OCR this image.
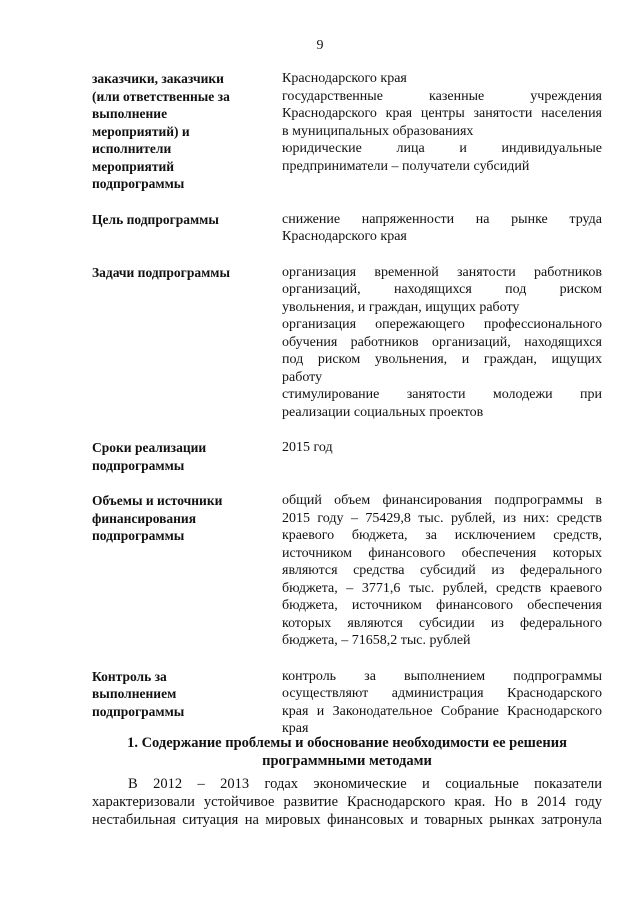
9
заказчики, заказчики
(или ответственные за
выполнение
мероприятий) и
исполнители
мероприятий
подпрограммы
Краснодарского края
государственные казенные учреждения
Краснодарского края центры занятости населения
в муниципальных образованиях
юридические лица и индивидуальные
предприниматели – получатели субсидий
Цель подпрограммы	снижение напряженности на рынке труда
Краснодарского края
Задачи подпрограммы	организация временной занятости работников
организаций, находящихся под риском
увольнения, и граждан, ищущих работу
организация опережающего профессионального
обучения работников организаций, находящихся
под риском увольнения, и граждан, ищущих
работу
стимулирование занятости молодежи при
реализации социальных проектов
Сроки реализации
подпрограммы
2015 год
Объемы и источники
финансирования
подпрограммы
общий объем финансирования подпрограммы в
2015 году – 75429,8 тыс. рублей, из них: средств
краевого бюджета, за исключением средств,
источником финансового обеспечения которых
являются средства субсидий из федерального
бюджета, – 3771,6 тыс. рублей, средств краевого
бюджета, источником финансового обеспечения
которых являются субсидии из федерального
бюджета, – 71658,2 тыс. рублей
Контроль за
выполнением
подпрограммы
контроль за выполнением подпрограммы
осуществляют администрация Краснодарского
края и Законодательное Собрание Краснодарского
края
1. Содержание проблемы и обоснование необходимости ее решения
программными методами
В 2012 – 2013 годах экономические и социальные показатели
характеризовали устойчивое развитие Краснодарского края. Но в 2014 году
нестабильная ситуация на мировых финансовых и товарных рынках затронула
